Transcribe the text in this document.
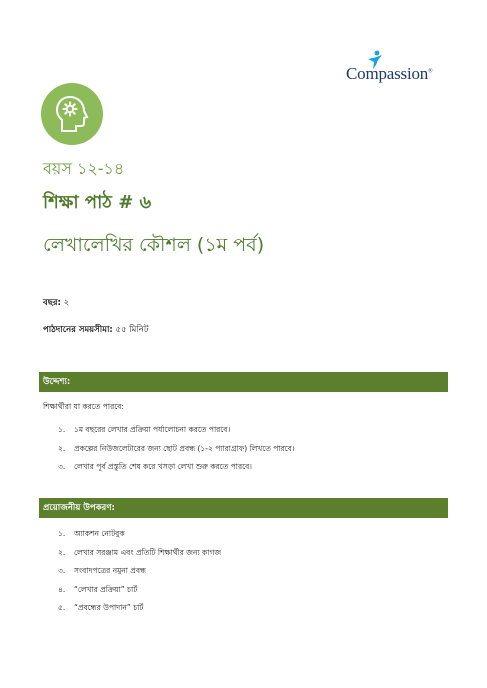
Compassion®
বয়স ১২-১৪
শিক্ষা পাঠ # ৬
লেখালেখির কৌশল (১ম পর্ব)
বছর: ২
পাঠদানের সময়সীমা: ৫৫ মিনিট
উদ্দেশ্য:
শিক্ষার্থীরা যা করতে পারবে:
১. ১ম বছরের লেখার প্রক্রিয়া পর্যালোচনা করতে পারবে।
২. প্রকল্পের নিউজলেটারের জন্য ছোট প্রবন্ধ (১-২ প্যারাগ্রাফ) লিখতে পারবে।
৩. লেখার পূর্ব প্রস্তুতি শেষ করে খসড়া লেখা শুরু করতে পারবে।
প্রয়োজনীয় উপকরণ:
১. অ্যাকশন নোটবুক
২. লেখার সরঞ্জাম এবং প্রতিটি শিক্ষার্থীর জন্য কাগজ
৩. সংবাদপত্রের নমুনা প্রবন্ধ
৪. “লেখার প্রক্রিয়া” চার্ট
৫. “প্রবন্ধের উপাদান” চার্ট
